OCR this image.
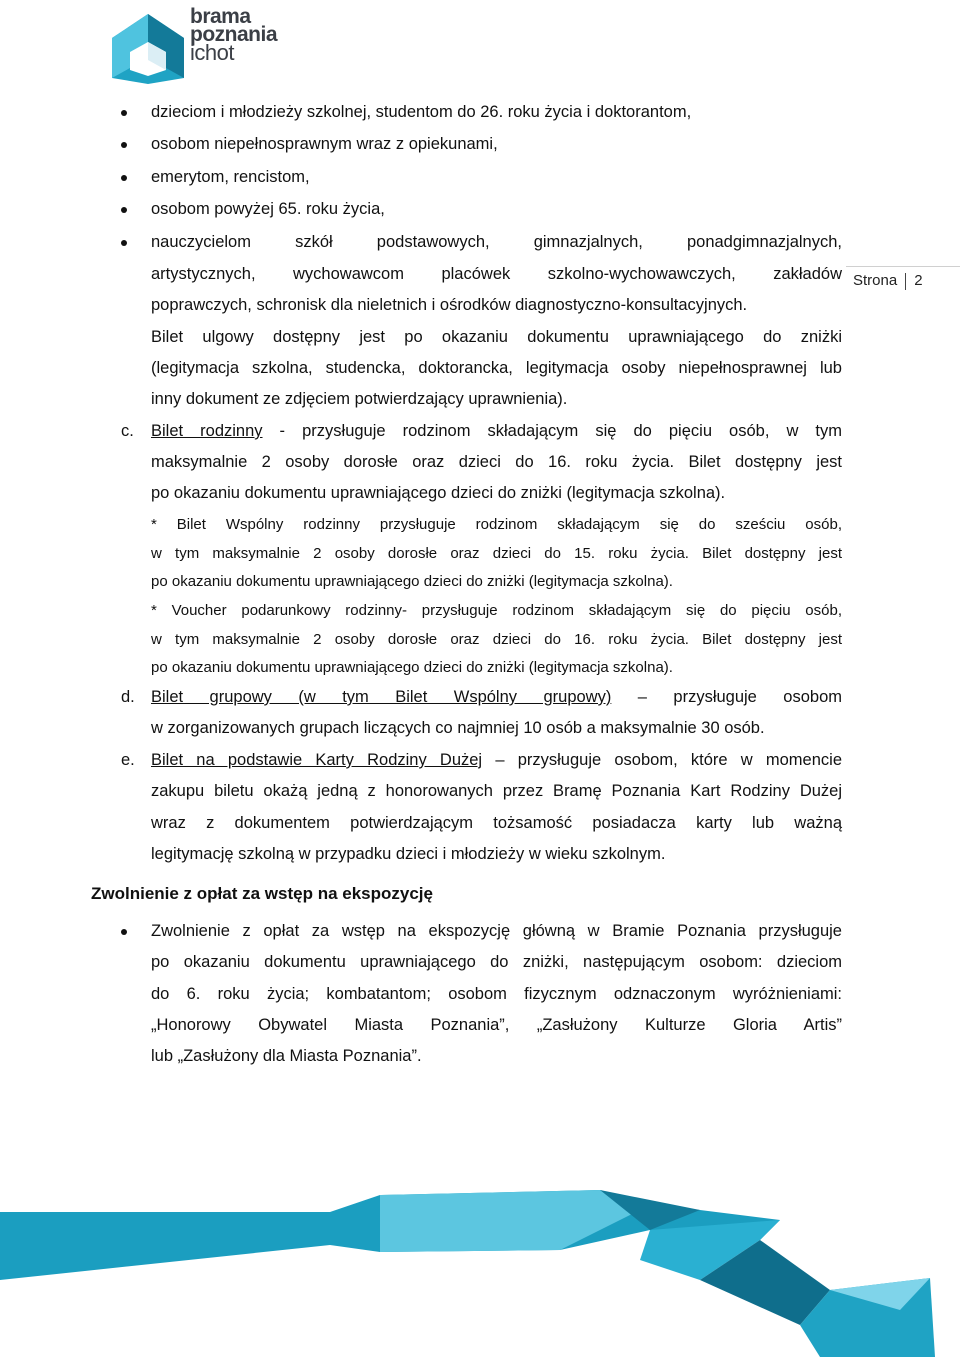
brama
poznania
ichot
Strona 2
dzieciom i młodzieży szkolnej, studentom do 26. roku życia i doktorantom,
osobom niepełnosprawnym wraz z opiekunami,
emerytom, rencistom,
osobom powyżej 65. roku życia,
nauczycielom szkół podstawowych, gimnazjalnych, ponadgimnazjalnych,
artystycznych, wychowawcom placówek szkolno-wychowawczych, zakładów
poprawczych, schronisk dla nieletnich i ośrodków diagnostyczno-konsultacyjnych.
Bilet ulgowy dostępny jest po okazaniu dokumentu uprawniającego do zniżki
(legitymacja szkolna, studencka, doktorancka, legitymacja osoby niepełnosprawnej lub
inny dokument ze zdjęciem potwierdzający uprawnienia).
c. Bilet rodzinny - przysługuje rodzinom składającym się do pięciu osób, w tym
maksymalnie 2 osoby dorosłe oraz dzieci do 16. roku życia. Bilet dostępny jest
po okazaniu dokumentu uprawniającego dzieci do zniżki (legitymacja szkolna).
* Bilet Wspólny rodzinny przysługuje rodzinom składającym się do sześciu osób,
w tym maksymalnie 2 osoby dorosłe oraz dzieci do 15. roku życia. Bilet dostępny jest
po okazaniu dokumentu uprawniającego dzieci do zniżki (legitymacja szkolna).
* Voucher podarunkowy rodzinny- przysługuje rodzinom składającym się do pięciu osób,
w tym maksymalnie 2 osoby dorosłe oraz dzieci do 16. roku życia. Bilet dostępny jest
po okazaniu dokumentu uprawniającego dzieci do zniżki (legitymacja szkolna).
d. Bilet grupowy (w tym Bilet Wspólny grupowy) – przysługuje osobom
w zorganizowanych grupach liczących co najmniej 10 osób a maksymalnie 30 osób.
e. Bilet na podstawie Karty Rodziny Dużej – przysługuje osobom, które w momencie
zakupu biletu okażą jedną z honorowanych przez Bramę Poznania Kart Rodziny Dużej
wraz z dokumentem potwierdzającym tożsamość posiadacza karty lub ważną
legitymację szkolną w przypadku dzieci i młodzieży w wieku szkolnym.
Zwolnienie z opłat za wstęp na ekspozycję
Zwolnienie z opłat za wstęp na ekspozycję główną w Bramie Poznania przysługuje
po okazaniu dokumentu uprawniającego do zniżki, następującym osobom: dzieciom
do 6. roku życia; kombatantom; osobom fizycznym odznaczonym wyróżnieniami:
„Honorowy Obywatel Miasta Poznania”, „Zasłużony Kulturze Gloria Artis”
lub „Zasłużony dla Miasta Poznania”.
